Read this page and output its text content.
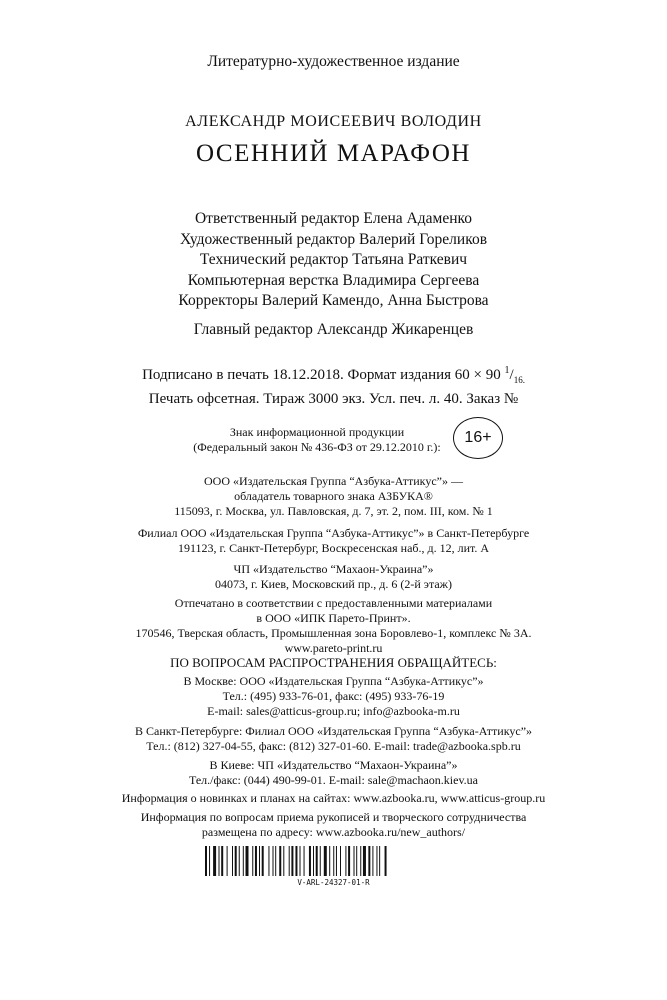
Литературно-художественное издание
АЛЕКСАНДР МОИСЕЕВИЧ ВОЛОДИН
ОСЕННИЙ МАРАФОН
Ответственный редактор Елена Адаменко
Художественный редактор Валерий Гореликов
Технический редактор Татьяна Раткевич
Компьютерная верстка Владимира Сергеева
Корректоры Валерий Камендо, Анна Быстрова
Главный редактор Александр Жикаренцев
Подписано в печать 18.12.2018. Формат издания 60 × 90 $^1/_{16.}$
Печать офсетная. Тираж 3000 экз. Усл. печ. л. 40. Заказ №
Знак информационной продукции
(Федеральный закон № 436-ФЗ от 29.12.2010 г.):
16+
ООО «Издательская Группа “Азбука-Аттикус”» —
обладатель товарного знака АЗБУКА®
115093, г. Москва, ул. Павловская, д. 7, эт. 2, пом. III, ком. № 1
Филиал ООО «Издательская Группа “Азбука-Аттикус”» в Санкт-Петербурге
191123, г. Санкт-Петербург, Воскресенская наб., д. 12, лит. А
ЧП «Издательство “Махаон-Украина”»
04073, г. Киев, Московский пр., д. 6 (2-й этаж)
Отпечатано в соответствии с предоставленными материалами
в ООО «ИПК Парето-Принт».
170546, Тверская область, Промышленная зона Боровлево-1, комплекс № 3А.
www.pareto-print.ru
ПО ВОПРОСАМ РАСПРОСТРАНЕНИЯ ОБРАЩАЙТЕСЬ:
В Москве: ООО «Издательская Группа “Азбука-Аттикус”»
Тел.: (495) 933-76-01, факс: (495) 933-76-19
E-mail: sales@atticus-group.ru; info@azbooka-m.ru
В Санкт-Петербурге: Филиал ООО «Издательская Группа “Азбука-Аттикус”»
Тел.: (812) 327-04-55, факс: (812) 327-01-60. E-mail: trade@azbooka.spb.ru
В Киеве: ЧП «Издательство “Махаон-Украина”»
Тел./факс: (044) 490-99-01. E-mail: sale@machaon.kiev.ua
Информация о новинках и планах на сайтах: www.azbooka.ru, www.atticus-group.ru
Информация по вопросам приема рукописей и творческого сотрудничества
размещена по адресу: www.azbooka.ru/new_authors/
V-ARL-24327-01-R
